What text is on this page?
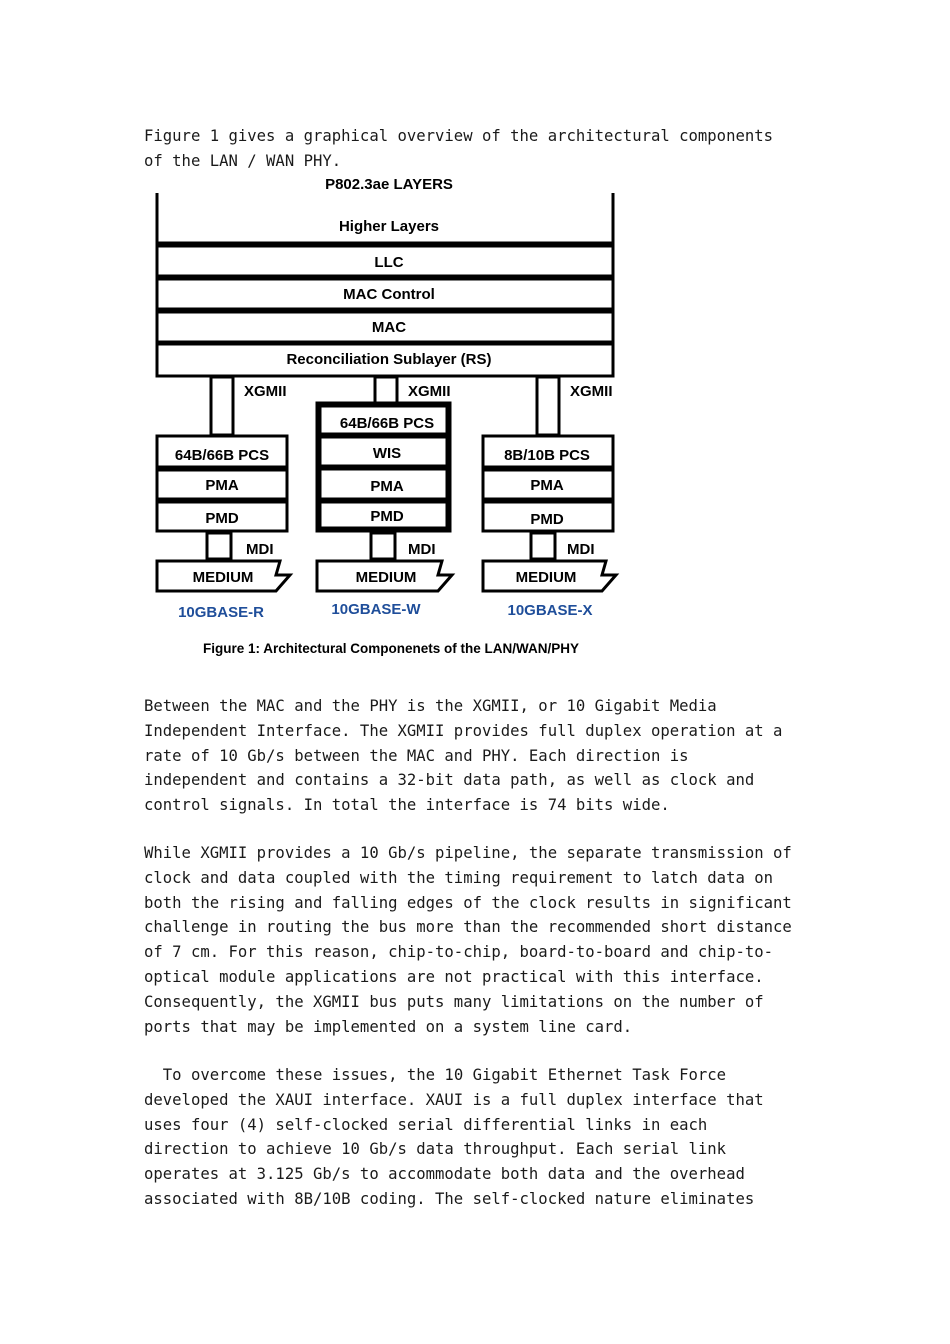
Figure 1 gives a graphical overview of the architectural components
of the LAN / WAN PHY.

P802.3ae LAYERS
Higher Layers
LLC
MAC Control
MAC
Reconciliation Sublayer (RS)
XGMII	XGMII	XGMII
64B/66B PCS
PMA
PMD
64B/66B PCS
WIS
PMA
PMD
8B/10B PCS
PMA
PMD
MDI	MDI	MDI
MEDIUM	MEDIUM	MEDIUM
10GBASE-R	10GBASE-W	10GBASE-X
Figure 1: Architectural Componenets of the LAN/WAN/PHY

Between the MAC and the PHY is the XGMII, or 10 Gigabit Media
Independent Interface. The XGMII provides full duplex operation at a
rate of 10 Gb/s between the MAC and PHY. Each direction is
independent and contains a 32-bit data path, as well as clock and
control signals. In total the interface is 74 bits wide.

While XGMII provides a 10 Gb/s pipeline, the separate transmission of
clock and data coupled with the timing requirement to latch data on
both the rising and falling edges of the clock results in significant
challenge in routing the bus more than the recommended short distance
of 7 cm. For this reason, chip-to-chip, board-to-board and chip-to-
optical module applications are not practical with this interface.
Consequently, the XGMII bus puts many limitations on the number of
ports that may be implemented on a system line card.

To overcome these issues, the 10 Gigabit Ethernet Task Force
developed the XAUI interface. XAUI is a full duplex interface that
uses four (4) self-clocked serial differential links in each
direction to achieve 10 Gb/s data throughput. Each serial link
operates at 3.125 Gb/s to accommodate both data and the overhead
associated with 8B/10B coding. The self-clocked nature eliminates
